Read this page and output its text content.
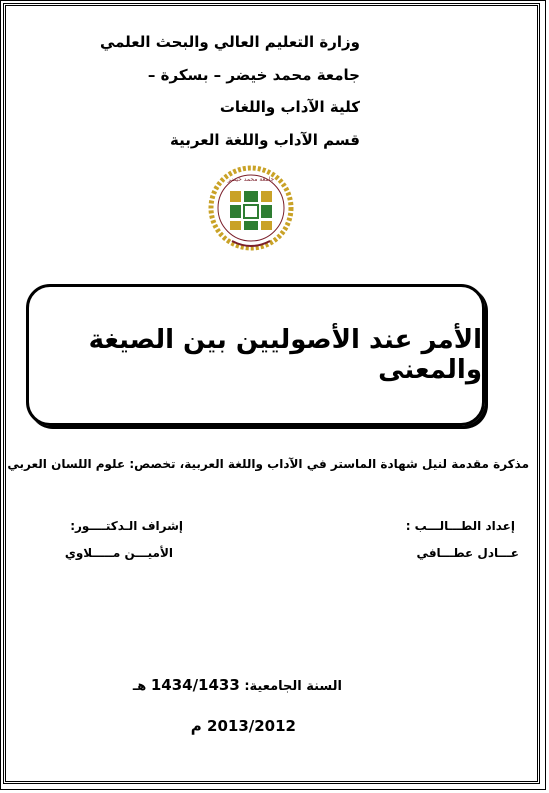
وزارة التعليم العالي والبحث العلمي
جامعة محمد خيضر – بسكرة –
كلية الآداب واللغات
قسم الآداب واللغة العربية
جامعة محمد خيضر
الأمر عند الأصوليين بين الصيغة والمعنى
مذكرة مقدمة لنيل شهادة الماستر في الآداب واللغة العربية، تخصص: علوم اللسان العربي
إعداد الطـــالـــب :
عـــادل عطـــافي
إشراف الـدكتــــور:
الأميـــن مـــــلاوي
السنة الجامعية: 1434/1433 هـ
2013/2012 م
